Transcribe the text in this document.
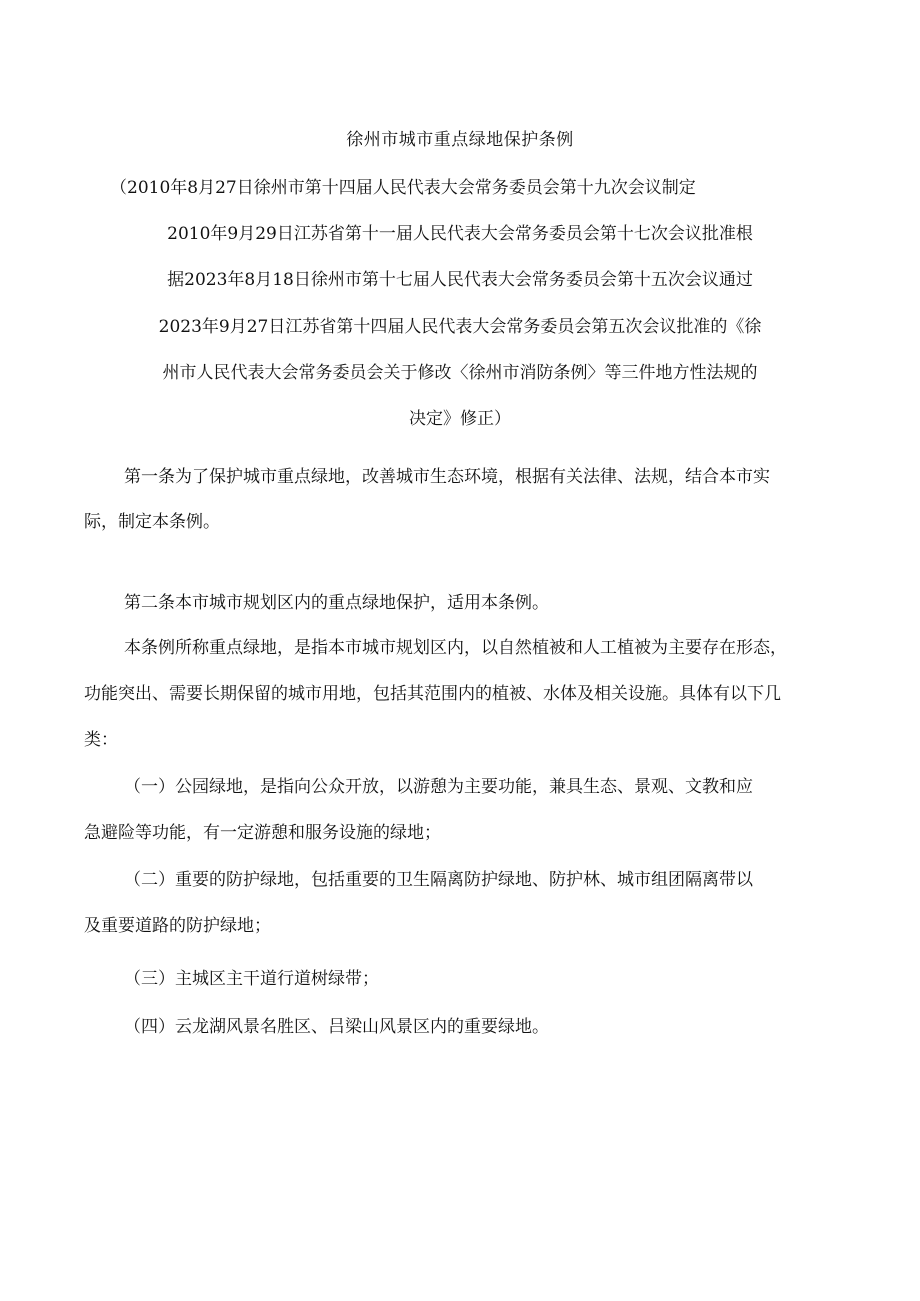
徐州市城市重点绿地保护条例

（2010年8月27日徐州市第十四届人民代表大会常务委员会第十九次会议制定

2010年9月29日江苏省第十一届人民代表大会常务委员会第十七次会议批准根

据2023年8月18日徐州市第十七届人民代表大会常务委员会第十五次会议通过

2023年9月27日江苏省第十四届人民代表大会常务委员会第五次会议批准的《徐

州市人民代表大会常务委员会关于修改〈徐州市消防条例〉等三件地方性法规的

决定》修正）

第一条为了保护城市重点绿地，改善城市生态环境，根据有关法律、法规，结合本市实

际，制定本条例。

第二条本市城市规划区内的重点绿地保护，适用本条例。

本条例所称重点绿地，是指本市城市规划区内，以自然植被和人工植被为主要存在形态，

功能突出、需要长期保留的城市用地，包括其范围内的植被、水体及相关设施。具体有以下几

类：

（一）公园绿地，是指向公众开放，以游憩为主要功能，兼具生态、景观、文教和应

急避险等功能，有一定游憩和服务设施的绿地；

（二）重要的防护绿地，包括重要的卫生隔离防护绿地、防护林、城市组团隔离带以

及重要道路的防护绿地；

（三）主城区主干道行道树绿带；

（四）云龙湖风景名胜区、吕梁山风景区内的重要绿地。
